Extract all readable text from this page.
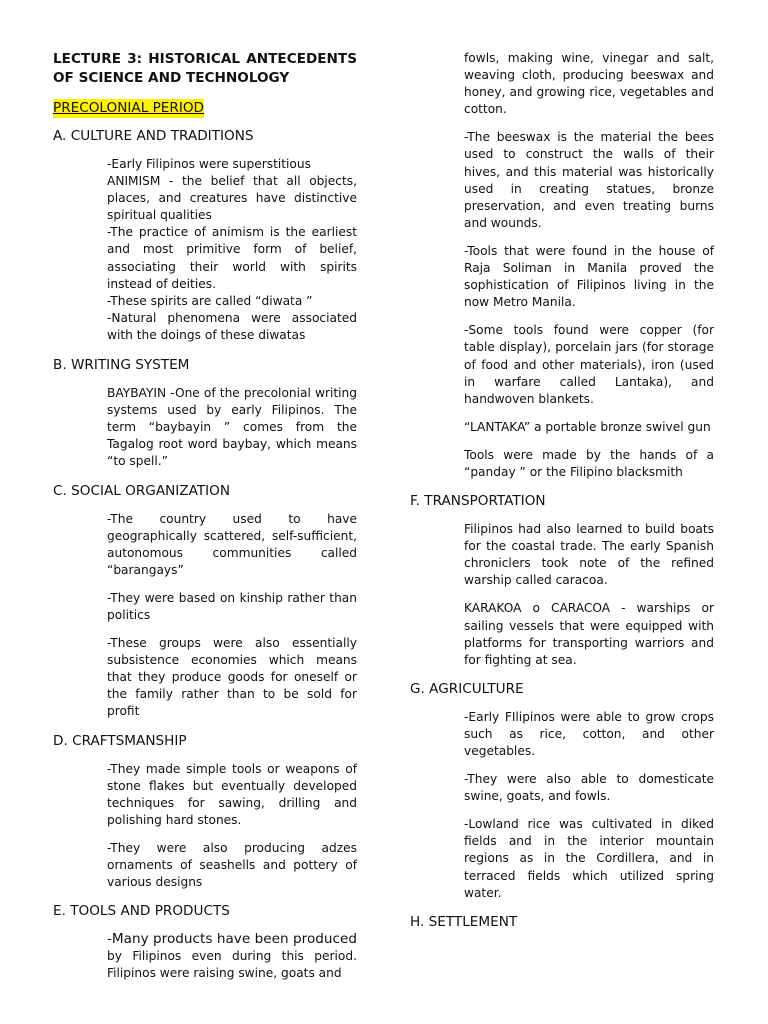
LECTURE 3: HISTORICAL ANTECEDENTS OF SCIENCE AND TECHNOLOGY
PRECOLONIAL PERIOD
A. CULTURE AND TRADITIONS

-Early Filipinos were superstitious

ANIMISM - the belief that all objects, places, and creatures have distinctive spiritual qualities

-The practice of animism is the earliest and most primitive form of belief, associating their world with spirits instead of deities.

-These spirits are called “diwata ”

-Natural phenomena were associated with the doings of these diwatas

B. WRITING SYSTEM

BAYBAYIN -One of the precolonial writing systems used by early Filipinos. The term “baybayin ” comes from the Tagalog root word baybay, which means “to spell.”

C. SOCIAL ORGANIZATION

-The country used to have geographically scattered, self-sufficient, autonomous communities called “barangays”

-They were based on kinship rather than politics

-These groups were also essentially subsistence economies which means that they produce goods for oneself or the family rather than to be sold for profit

D. CRAFTSMANSHIP

-They made simple tools or weapons of stone flakes but eventually developed techniques for sawing, drilling and polishing hard stones.

-They were also producing adzes ornaments of seashells and pottery of various designs

E. TOOLS AND PRODUCTS

-Many products have been produced by Filipinos even during this period. Filipinos were raising swine, goats and

fowls, making wine, vinegar and salt, weaving cloth, producing beeswax and honey, and growing rice, vegetables and cotton.

-The beeswax is the material the bees used to construct the walls of their hives, and this material was historically used in creating statues, bronze preservation, and even treating burns and wounds.

-Tools that were found in the house of Raja Soliman in Manila proved the sophistication of Filipinos living in the now Metro Manila.

-Some tools found were copper (for table display), porcelain jars (for storage of food and other materials), iron (used in warfare called Lantaka), and handwoven blankets.

“LANTAKA” a portable bronze swivel gun

Tools were made by the hands of a “panday ” or the Filipino blacksmith

F. TRANSPORTATION

Filipinos had also learned to build boats for the coastal trade. The early Spanish chroniclers took note of the refined warship called caracoa.

KARAKOA o CARACOA - warships or sailing vessels that were equipped with platforms for transporting warriors and for fighting at sea.

G. AGRICULTURE

-Early FIlipinos were able to grow crops such as rice, cotton, and other vegetables.

-They were also able to domesticate swine, goats, and fowls.

-Lowland rice was cultivated in diked fields and in the interior mountain regions as in the Cordillera, and in terraced fields which utilized spring water.

H. SETTLEMENT
